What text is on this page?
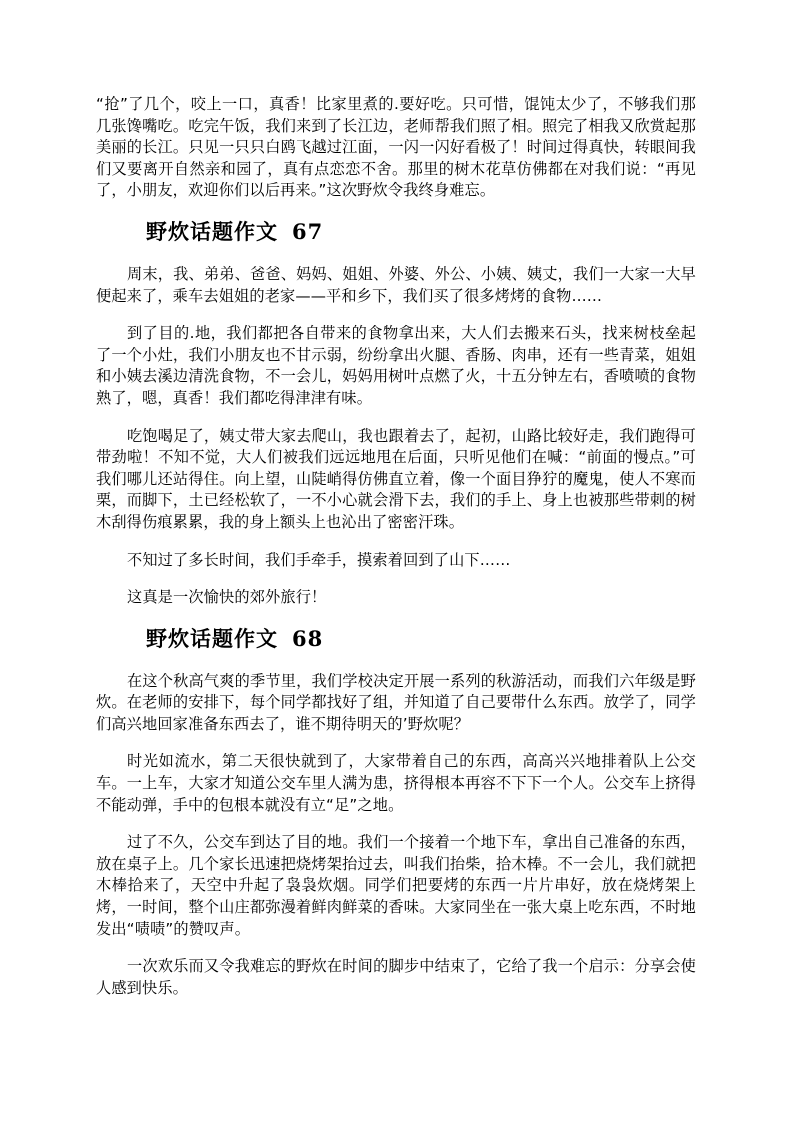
“抢”了几个，咬上一口，真香！比家里煮的.要好吃。只可惜，馄饨太少了，不够我们那几张馋嘴吃。吃完午饭，我们来到了长江边，老师帮我们照了相。照完了相我又欣赏起那美丽的长江。只见一只只白鸥飞越过江面，一闪一闪好看极了！时间过得真快，转眼间我们又要离开自然亲和园了，真有点恋恋不舍。那里的树木花草仿佛都在对我们说：“再见了，小朋友，欢迎你们以后再来。”这次野炊令我终身难忘。

野炊话题作文 67

周末，我、弟弟、爸爸、妈妈、姐姐、外婆、外公、小姨、姨丈，我们一大家一大早便起来了，乘车去姐姐的老家——平和乡下，我们买了很多烤烤的食物……

到了目的.地，我们都把各自带来的食物拿出来，大人们去搬来石头，找来树枝垒起了一个小灶，我们小朋友也不甘示弱，纷纷拿出火腿、香肠、肉串，还有一些青菜，姐姐和小姨去溪边清洗食物，不一会儿，妈妈用树叶点燃了火，十五分钟左右，香喷喷的食物熟了，嗯，真香！我们都吃得津津有味。

吃饱喝足了，姨丈带大家去爬山，我也跟着去了，起初，山路比较好走，我们跑得可带劲啦！不知不觉，大人们被我们远远地甩在后面，只听见他们在喊：“前面的慢点。”可我们哪儿还站得住。向上望，山陡峭得仿佛直立着，像一个面目狰狞的魔鬼，使人不寒而栗，而脚下，土已经松软了，一不小心就会滑下去，我们的手上、身上也被那些带刺的树木刮得伤痕累累，我的身上额头上也沁出了密密汗珠。

不知过了多长时间，我们手牵手，摸索着回到了山下……

这真是一次愉快的郊外旅行！

野炊话题作文 68

在这个秋高气爽的季节里，我们学校决定开展一系列的秋游活动，而我们六年级是野炊。在老师的安排下，每个同学都找好了组，并知道了自己要带什么东西。放学了，同学们高兴地回家准备东西去了，谁不期待明天的’野炊呢？

时光如流水，第二天很快就到了，大家带着自己的东西，高高兴兴地排着队上公交车。一上车，大家才知道公交车里人满为患，挤得根本再容不下下一个人。公交车上挤得不能动弹，手中的包根本就没有立“足”之地。

过了不久，公交车到达了目的地。我们一个接着一个地下车，拿出自己准备的东西，放在桌子上。几个家长迅速把烧烤架抬过去，叫我们抬柴，拾木棒。不一会儿，我们就把木棒拾来了，天空中升起了袅袅炊烟。同学们把要烤的东西一片片串好，放在烧烤架上烤，一时间，整个山庄都弥漫着鲜肉鲜菜的香味。大家同坐在一张大桌上吃东西，不时地发出“啧啧”的赞叹声。

一次欢乐而又令我难忘的野炊在时间的脚步中结束了，它给了我一个启示：分享会使人感到快乐。
